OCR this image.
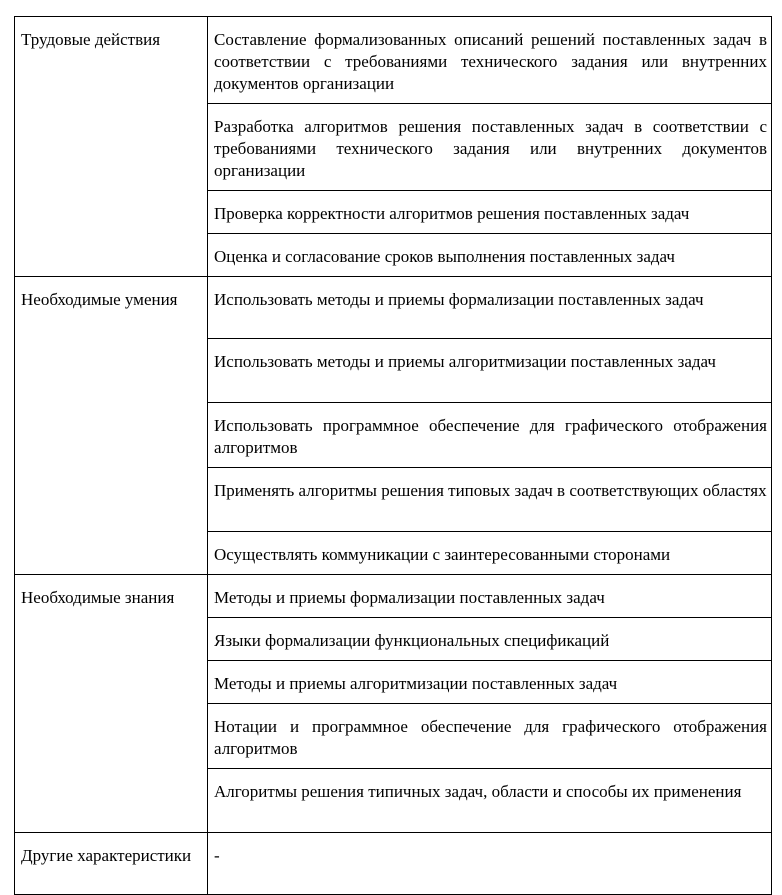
Трудовые действия	Составление формализованных описаний решений поставленных задач в соответствии с требованиями технического задания или внутренних документов организации
	Разработка алгоритмов решения поставленных задач в соответствии с требованиями технического задания или внутренних документов организации
	Проверка корректности алгоритмов решения поставленных задач
	Оценка и согласование сроков выполнения поставленных задач
Необходимые умения	Использовать методы и приемы формализации поставленных задач
	Использовать методы и приемы алгоритмизации поставленных задач
	Использовать программное обеспечение для графического отображения алгоритмов
	Применять алгоритмы решения типовых задач в соответствующих областях
	Осуществлять коммуникации с заинтересованными сторонами
Необходимые знания	Методы и приемы формализации поставленных задач
	Языки формализации функциональных спецификаций
	Методы и приемы алгоритмизации поставленных задач
	Нотации и программное обеспечение для графического отображения алгоритмов
	Алгоритмы решения типичных задач, области и способы их применения
Другие характеристики	-
